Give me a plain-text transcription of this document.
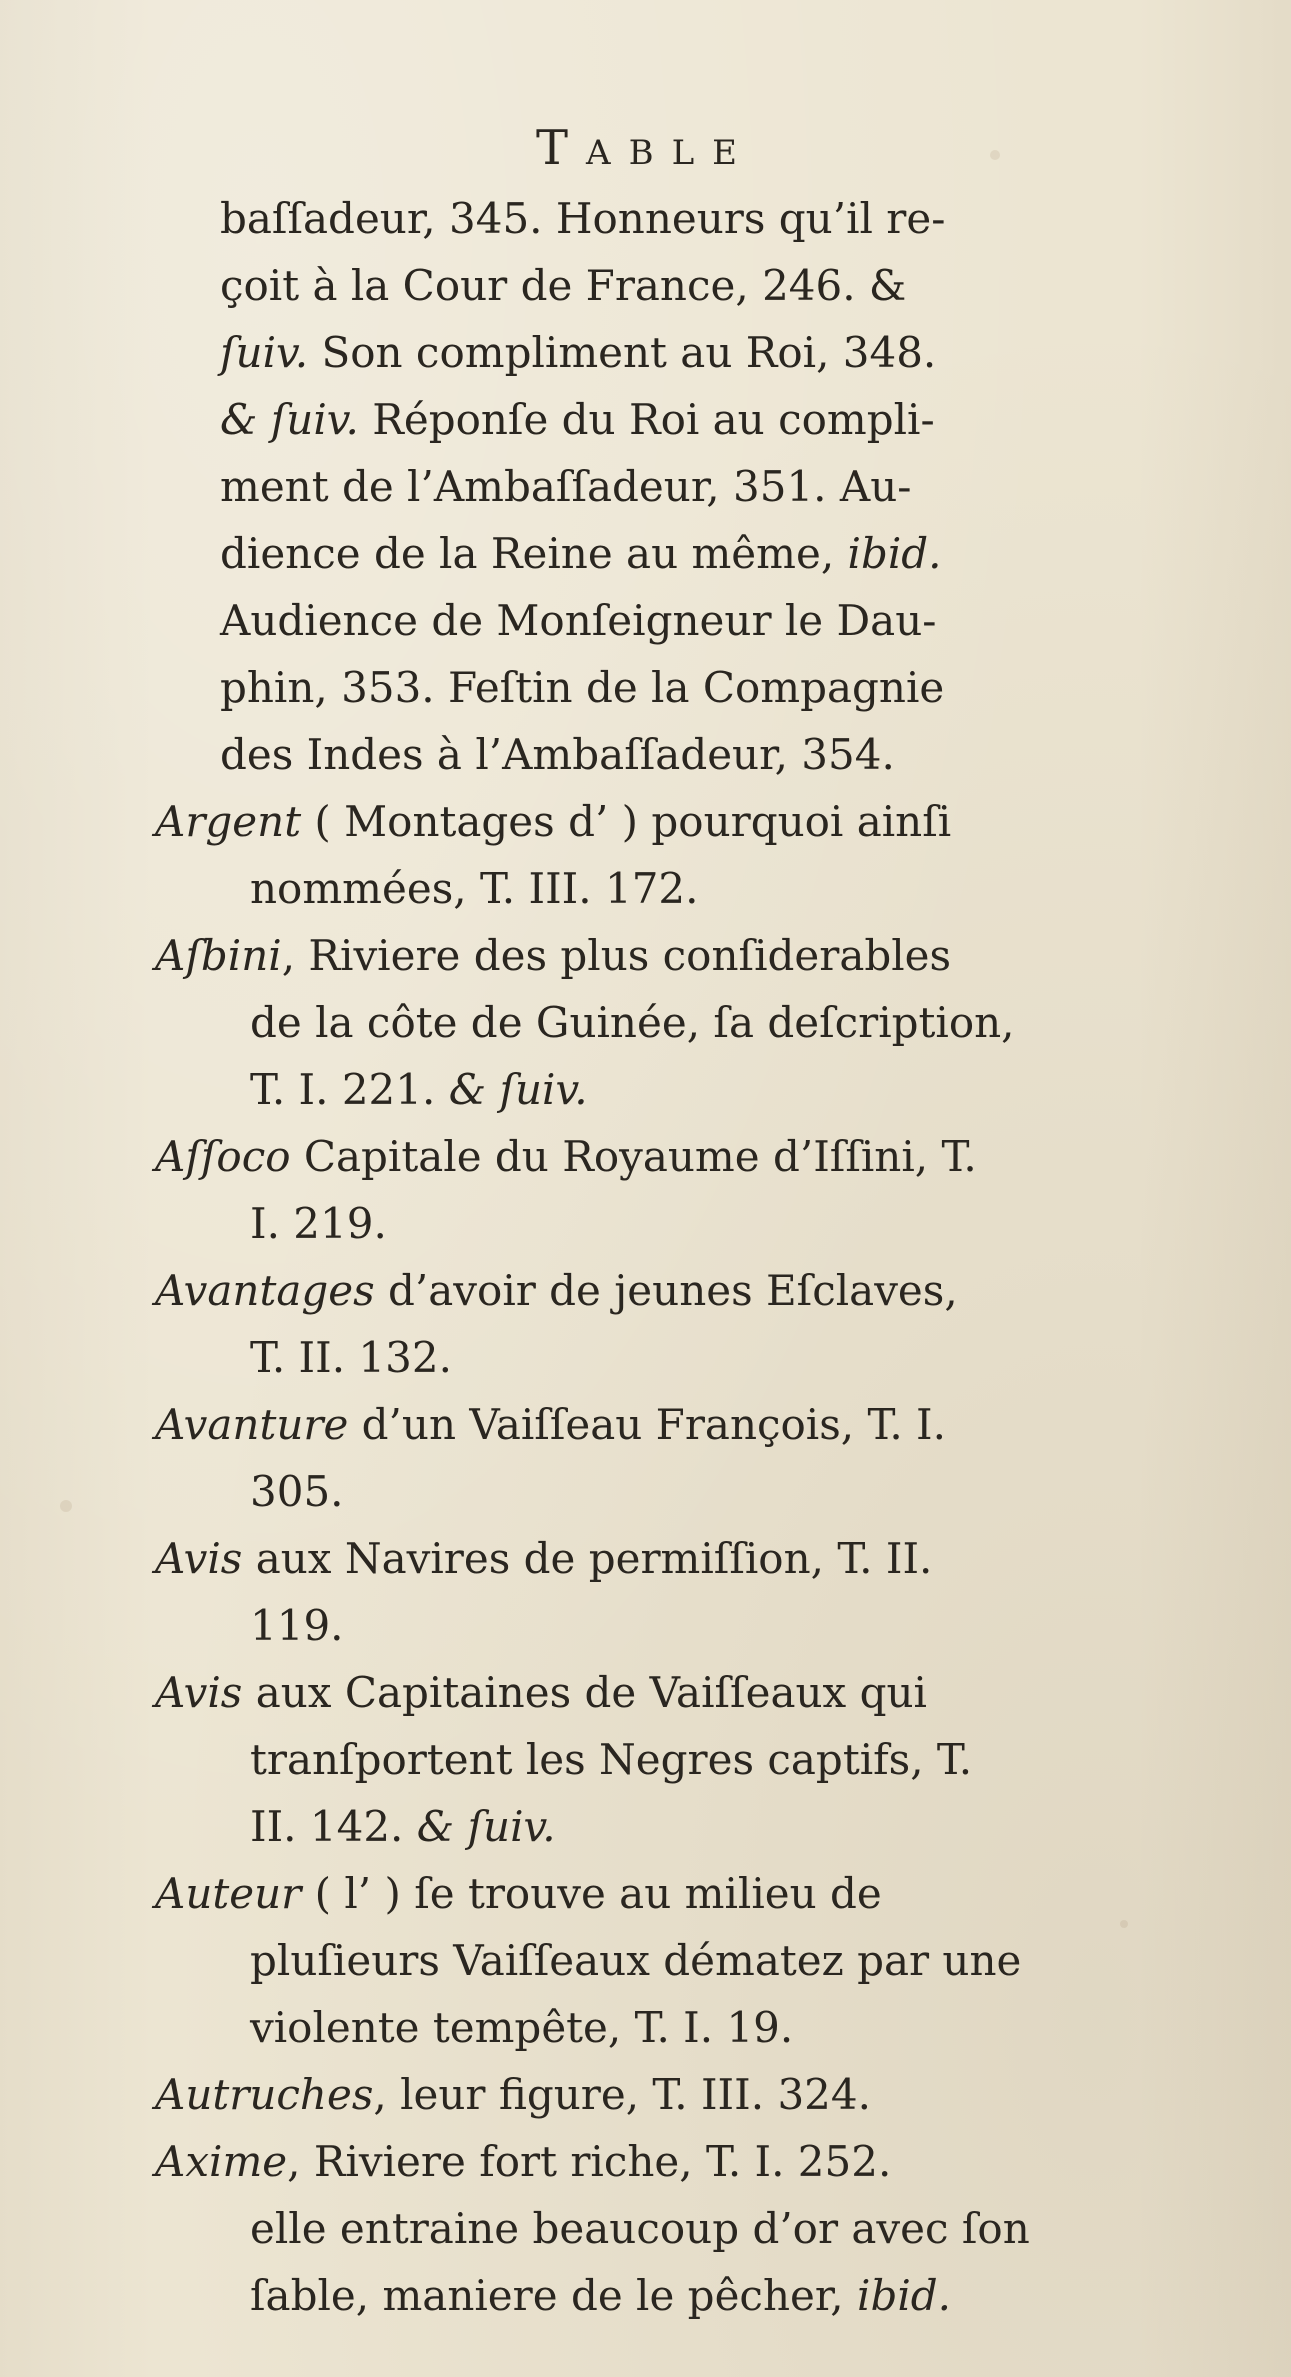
Table
baſſadeur, 345. Honneurs qu’il re-
çoit à la Cour de France, 246. &
ſuiv. Son compliment au Roi, 348.
& ſuiv. Réponſe du Roi au compli-
ment de l’Ambaſſadeur, 351. Au-
dience de la Reine au même, ibid.
Audience de Monſeigneur le Dau-
phin, 353. Feſtin de la Compagnie
des Indes à l’Ambaſſadeur, 354.
Argent ( Montages d’ ) pourquoi ainſi
nommées, T. III. 172.
Aſbini, Riviere des plus conſiderables
de la côte de Guinée, ſa deſcription,
T. I. 221. & ſuiv.
Aſſoco Capitale du Royaume d’Iſſini, T.
I. 219.
Avantages d’avoir de jeunes Eſclaves,
T. II. 132.
Avanture d’un Vaiſſeau François, T. I.
305.
Avis aux Navires de permiſſion, T. II.
119.
Avis aux Capitaines de Vaiſſeaux qui
tranſportent les Negres captifs, T.
II. 142. & ſuiv.
Auteur ( l’ ) ſe trouve au milieu de
pluſieurs Vaiſſeaux dématez par une
violente tempête, T. I. 19.
Autruches, leur figure, T. III. 324.
Axime, Riviere fort riche, T. I. 252.
elle entraine beaucoup d’or avec ſon
ſable, maniere de le pêcher, ibid.
